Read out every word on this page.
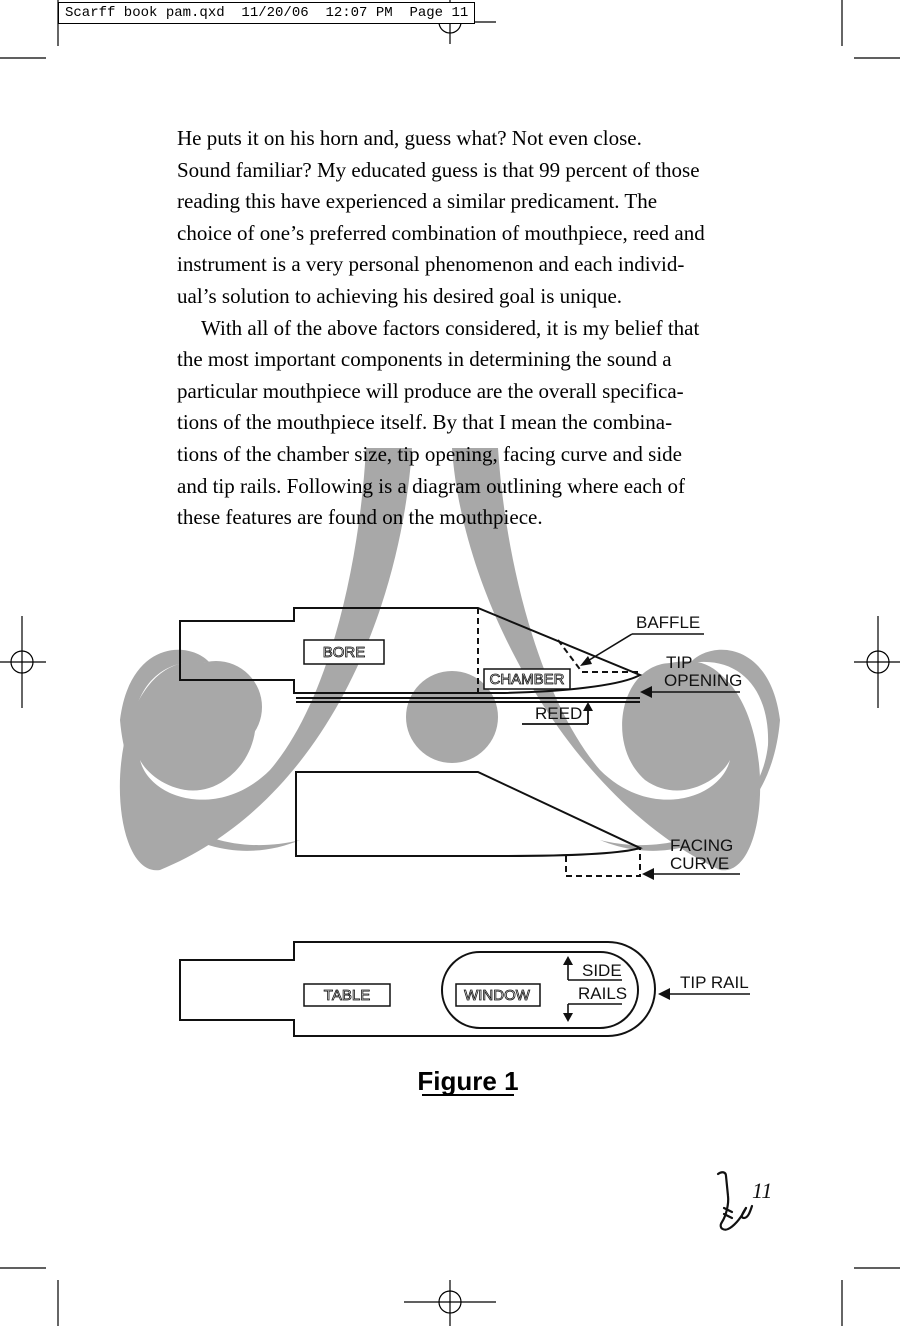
Scarff book pam.qxd  11/20/06  12:07 PM  Page 11

He puts it on his horn and, guess what? Not even close.

Sound familiar? My educated guess is that 99 percent of those

reading this have experienced a similar predicament. The

choice of one’s preferred combination of mouthpiece, reed and

instrument is a very personal phenomenon and each individ-

ual’s solution to achieving his desired goal is unique.

With all of the above factors considered, it is my belief that

the most important components in determining the sound a

particular mouthpiece will produce are the overall specifica-

tions of the mouthpiece itself. By that I mean the combina-

tions of the chamber size, tip opening, facing curve and side

and tip rails. Following is a diagram outlining where each of

these features are found on the mouthpiece.

BORE
CHAMBER
BAFFLE
TIP
OPENING
REED
FACING
CURVE
TABLE	WINDOW
SIDE
RAILS
TIP RAIL
Figure 1
11
